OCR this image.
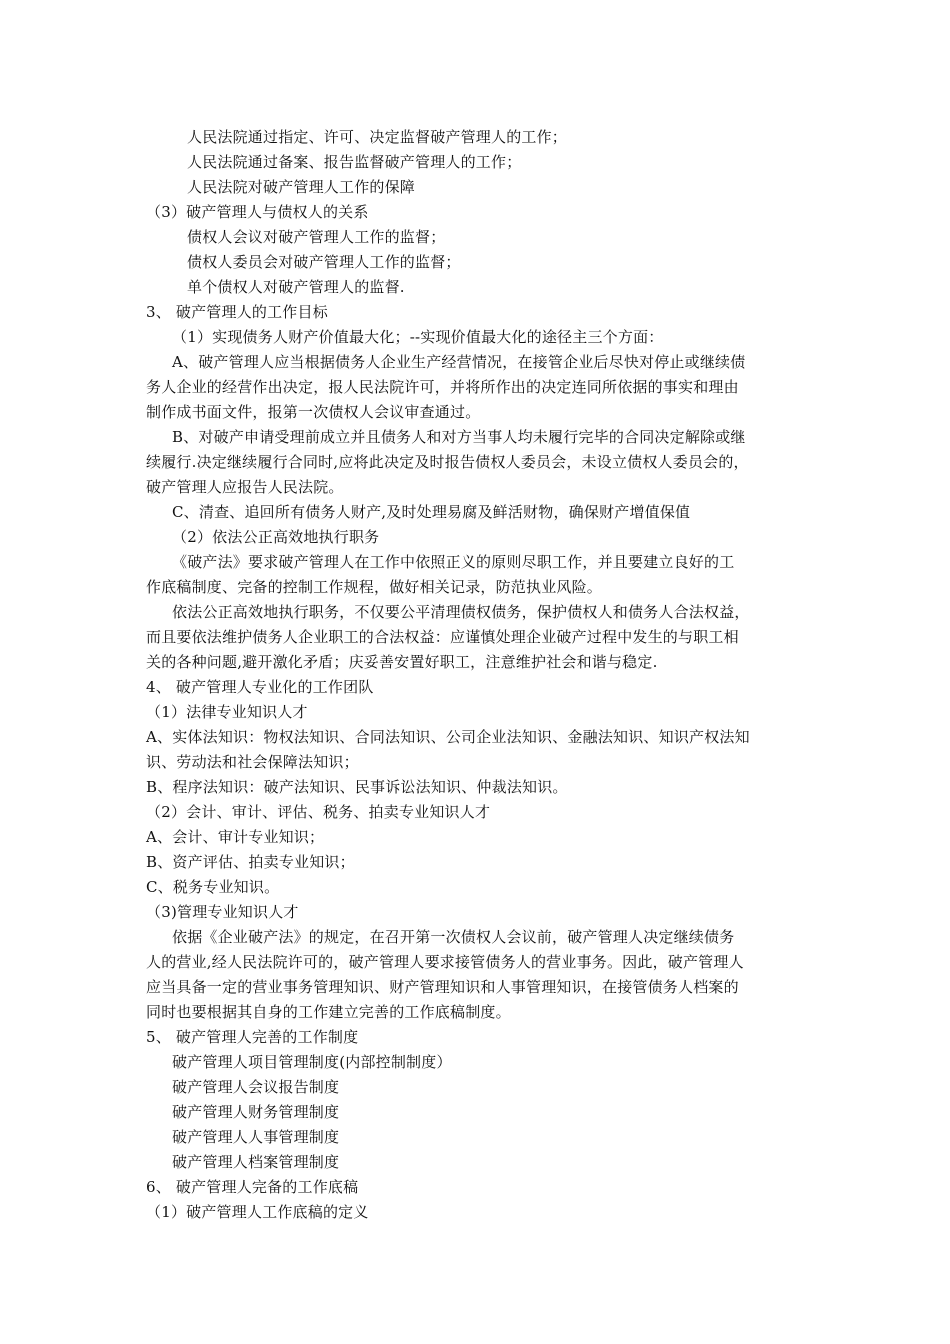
人民法院通过指定、许可、决定监督破产管理人的工作；
人民法院通过备案、报告监督破产管理人的工作；
人民法院对破产管理人工作的保障
（3）破产管理人与债权人的关系
债权人会议对破产管理人工作的监督；
债权人委员会对破产管理人工作的监督；
单个债权人对破产管理人的监督.
3、 破产管理人的工作目标
（1）实现债务人财产价值最大化；--实现价值最大化的途径主三个方面：
A、破产管理人应当根据债务人企业生产经营情况，在接管企业后尽快对停止或继续债
务人企业的经营作出决定，报人民法院许可，并将所作出的决定连同所依据的事实和理由
制作成书面文件，报第一次债权人会议审查通过。
B、对破产申请受理前成立并且债务人和对方当事人均未履行完毕的合同决定解除或继
续履行.决定继续履行合同时,应将此决定及时报告债权人委员会，未设立债权人委员会的，
破产管理人应报告人民法院。
C、清查、追回所有债务人财产,及时处理易腐及鲜活财物，确保财产增值保值
（2）依法公正高效地执行职务
《破产法》要求破产管理人在工作中依照正义的原则尽职工作，并且要建立良好的工
作底稿制度、完备的控制工作规程，做好相关记录，防范执业风险。
依法公正高效地执行职务，不仅要公平清理债权债务，保护债权人和债务人合法权益，
而且要依法维护债务人企业职工的合法权益：应谨慎处理企业破产过程中发生的与职工相
关的各种问题,避开激化矛盾；庆妥善安置好职工，注意维护社会和谐与稳定.
4、 破产管理人专业化的工作团队
（1）法律专业知识人才
A、实体法知识：物权法知识、合同法知识、公司企业法知识、金融法知识、知识产权法知
识、劳动法和社会保障法知识；
B、程序法知识：破产法知识、民事诉讼法知识、仲裁法知识。
（2）会计、审计、评估、税务、拍卖专业知识人才
A、会计、审计专业知识；
B、资产评估、拍卖专业知识；
C、税务专业知识。
（3)管理专业知识人才
依据《企业破产法》的规定，在召开第一次债权人会议前，破产管理人决定继续债务
人的营业,经人民法院许可的，破产管理人要求接管债务人的营业事务。因此，破产管理人
应当具备一定的营业事务管理知识、财产管理知识和人事管理知识，在接管债务人档案的
同时也要根据其自身的工作建立完善的工作底稿制度。
5、 破产管理人完善的工作制度
破产管理人项目管理制度(内部控制制度）
破产管理人会议报告制度
破产管理人财务管理制度
破产管理人人事管理制度
破产管理人档案管理制度
6、 破产管理人完备的工作底稿
（1）破产管理人工作底稿的定义
